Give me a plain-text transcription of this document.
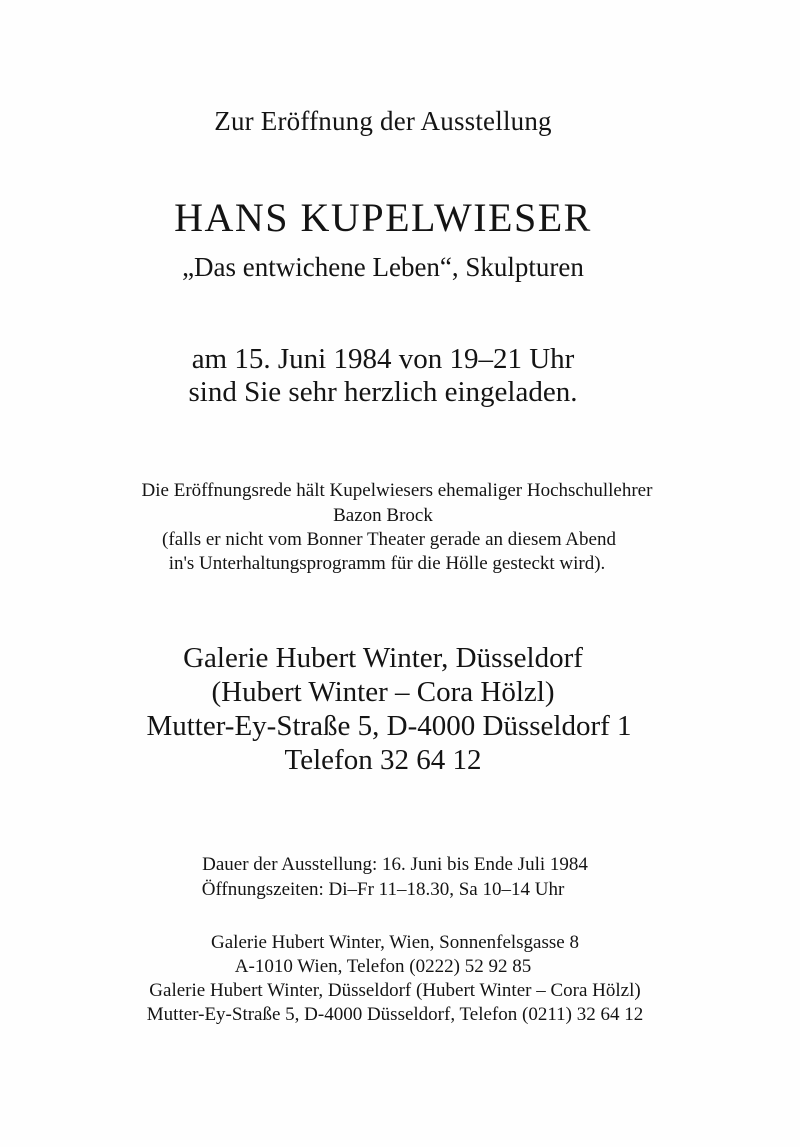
Zur Eröffnung der Ausstellung

HANS KUPELWIESER

„Das entwichene Leben“, Skulpturen

am 15. Juni 1984 von 19–21 Uhr

sind Sie sehr herzlich eingeladen.

Die Eröffnungsrede hält Kupelwiesers ehemaliger Hochschullehrer

Bazon Brock

(falls er nicht vom Bonner Theater gerade an diesem Abend

in's Unterhaltungsprogramm für die Hölle gesteckt wird).

Galerie Hubert Winter, Düsseldorf

(Hubert Winter – Cora Hölzl)

Mutter-Ey-Straße 5, D-4000 Düsseldorf 1

Telefon 32 64 12

Dauer der Ausstellung: 16. Juni bis Ende Juli 1984

Öffnungszeiten: Di–Fr 11–18.30, Sa 10–14 Uhr

Galerie Hubert Winter, Wien, Sonnenfelsgasse 8

A-1010 Wien, Telefon (0222) 52 92 85

Galerie Hubert Winter, Düsseldorf (Hubert Winter – Cora Hölzl)

Mutter-Ey-Straße 5, D-4000 Düsseldorf, Telefon (0211) 32 64 12
